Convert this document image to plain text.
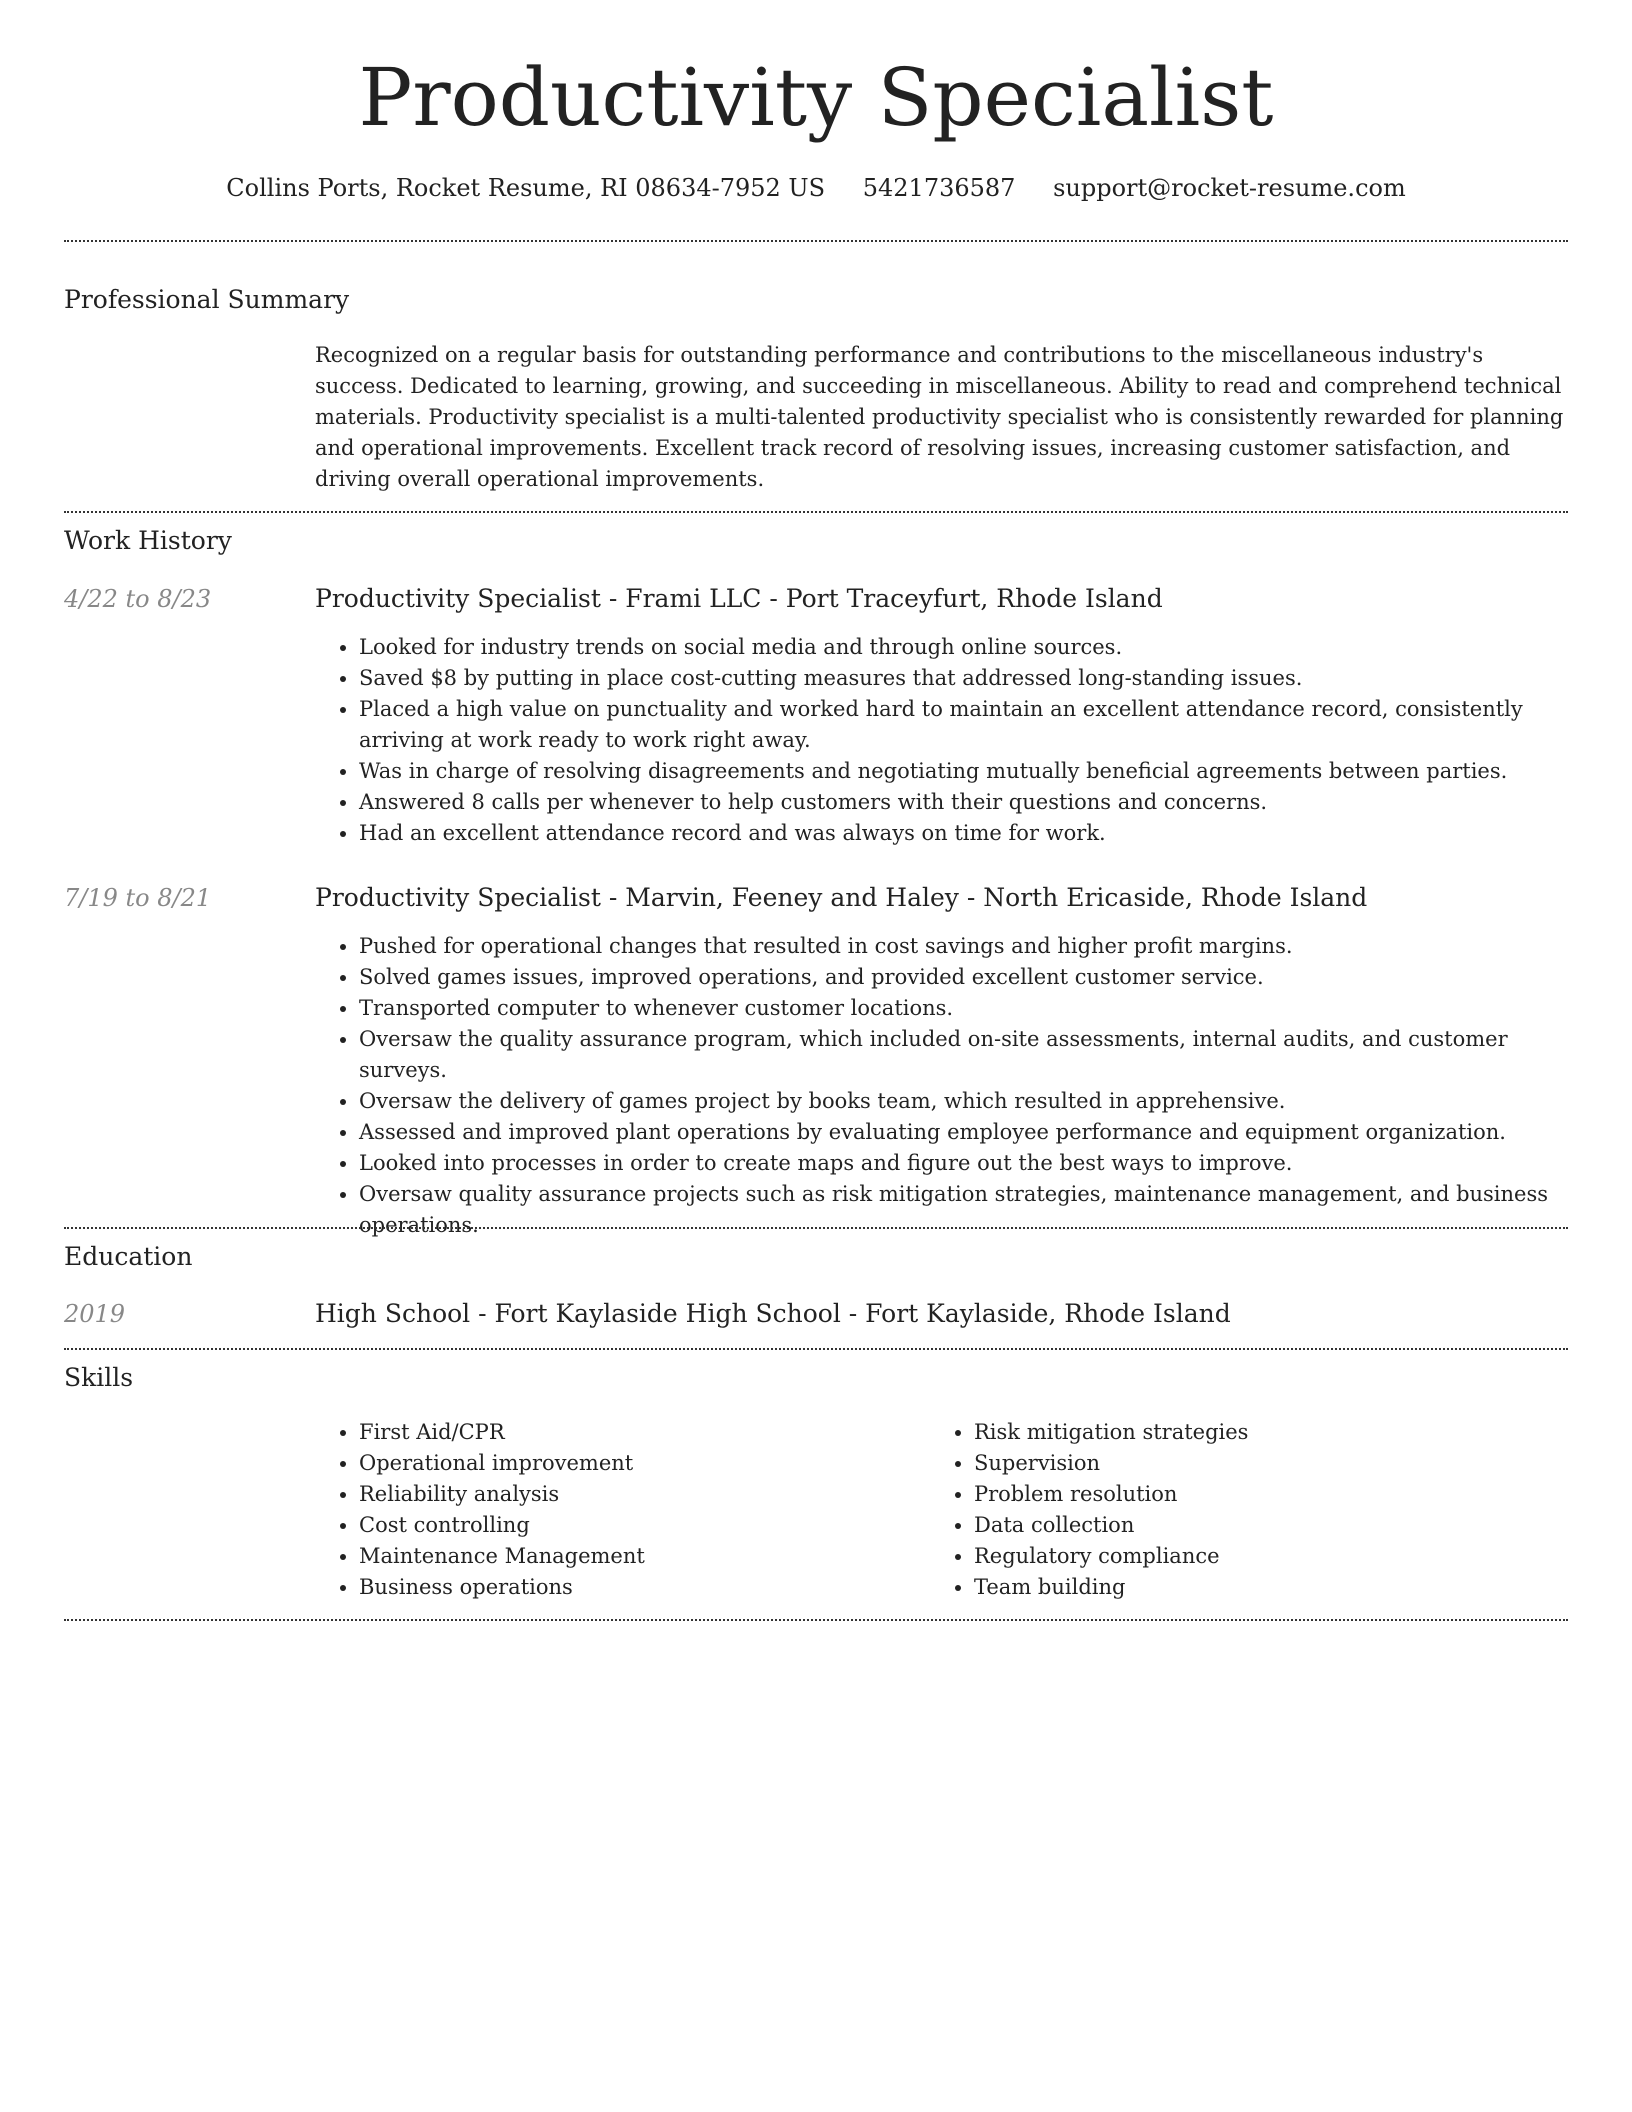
Productivity Specialist
Collins Ports, Rocket Resume, RI 08634-7952 US 5421736587 support@rocket-resume.com
Professional Summary
Recognized on a regular basis for outstanding performance and contributions to the miscellaneous industry's success. Dedicated to learning, growing, and succeeding in miscellaneous. Ability to read and comprehend technical materials. Productivity specialist is a multi-talented productivity specialist who is consistently rewarded for planning and operational improvements. Excellent track record of resolving issues, increasing customer satisfaction, and driving overall operational improvements.
Work History
4/22 to 8/23	Productivity Specialist - Frami LLC - Port Traceyfurt, Rhode Island
• Looked for industry trends on social media and through online sources.
• Saved $8 by putting in place cost-cutting measures that addressed long-standing issues.
• Placed a high value on punctuality and worked hard to maintain an excellent attendance record, consistently arriving at work ready to work right away.
• Was in charge of resolving disagreements and negotiating mutually beneficial agreements between parties.
• Answered 8 calls per whenever to help customers with their questions and concerns.
• Had an excellent attendance record and was always on time for work.
7/19 to 8/21	Productivity Specialist - Marvin, Feeney and Haley - North Ericaside, Rhode Island
• Pushed for operational changes that resulted in cost savings and higher profit margins.
• Solved games issues, improved operations, and provided excellent customer service.
• Transported computer to whenever customer locations.
• Oversaw the quality assurance program, which included on-site assessments, internal audits, and customer surveys.
• Oversaw the delivery of games project by books team, which resulted in apprehensive.
• Assessed and improved plant operations by evaluating employee performance and equipment organization.
• Looked into processes in order to create maps and figure out the best ways to improve.
• Oversaw quality assurance projects such as risk mitigation strategies, maintenance management, and business operations.
Education
2019	High School - Fort Kaylaside High School - Fort Kaylaside, Rhode Island
Skills
• First Aid/CPR
• Operational improvement
• Reliability analysis
• Cost controlling
• Maintenance Management
• Business operations
• Risk mitigation strategies
• Supervision
• Problem resolution
• Data collection
• Regulatory compliance
• Team building
